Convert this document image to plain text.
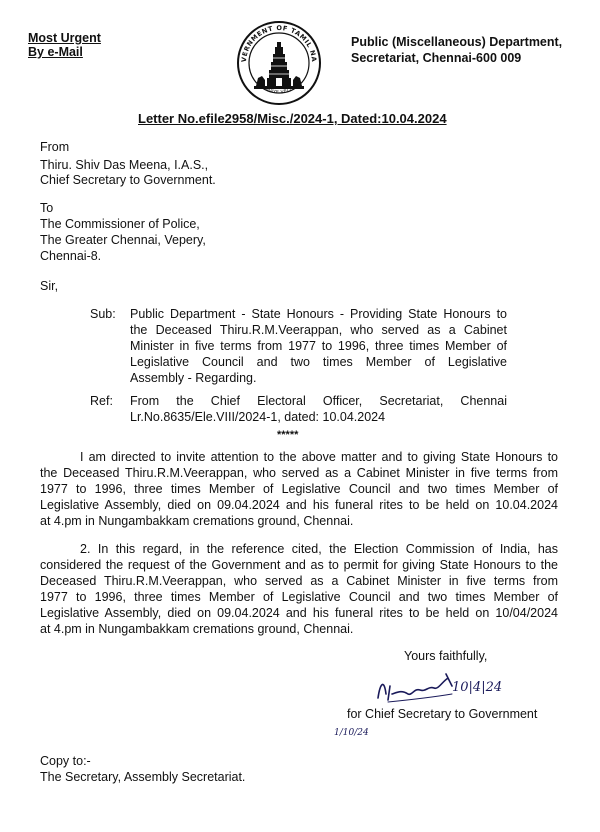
Most Urgent
By e-Mail
VERNMENT OF TAMIL NA
VAIMAYE VELLUM
Public (Miscellaneous) Department,
Secretariat, Chennai-600 009
Letter No.efile2958/Misc./2024-1, Dated:10.04.2024
From
Thiru. Shiv Das Meena, I.A.S.,
Chief Secretary to Government.
To
The Commissioner of Police,
The Greater Chennai, Vepery,
Chennai-8.
Sir,
Sub: Public Department - State Honours - Providing State Honours to
the Deceased Thiru.R.M.Veerappan, who served as a Cabinet
Minister in five terms from 1977 to 1996, three times Member of
Legislative Council and two times Member of Legislative
Assembly - Regarding.
Ref: From the Chief Electoral Officer, Secretariat, Chennai
Lr.No.8635/Ele.VIII/2024-1, dated: 10.04.2024
*****
I am directed to invite attention to the above matter and to giving State Honours to
the Deceased Thiru.R.M.Veerappan, who served as a Cabinet Minister in five terms from
1977 to 1996, three times Member of Legislative Council and two times Member of
Legislative Assembly, died on 09.04.2024 and his funeral rites to be held on 10.04.2024
at 4.pm in Nungambakkam cremations ground, Chennai.
2. In this regard, in the reference cited, the Election Commission of India, has
considered the request of the Government and as to permit for giving State Honours to the
Deceased Thiru.R.M.Veerappan, who served as a Cabinet Minister in five terms from
1977 to 1996, three times Member of Legislative Council and two times Member of
Legislative Assembly, died on 09.04.2024 and his funeral rites to be held on 10/04/2024
at 4.pm in Nungambakkam cremations ground, Chennai.
Yours faithfully,
10|4|24
for Chief Secretary to Government
1/10/24
Copy to:-
The Secretary, Assembly Secretariat.
